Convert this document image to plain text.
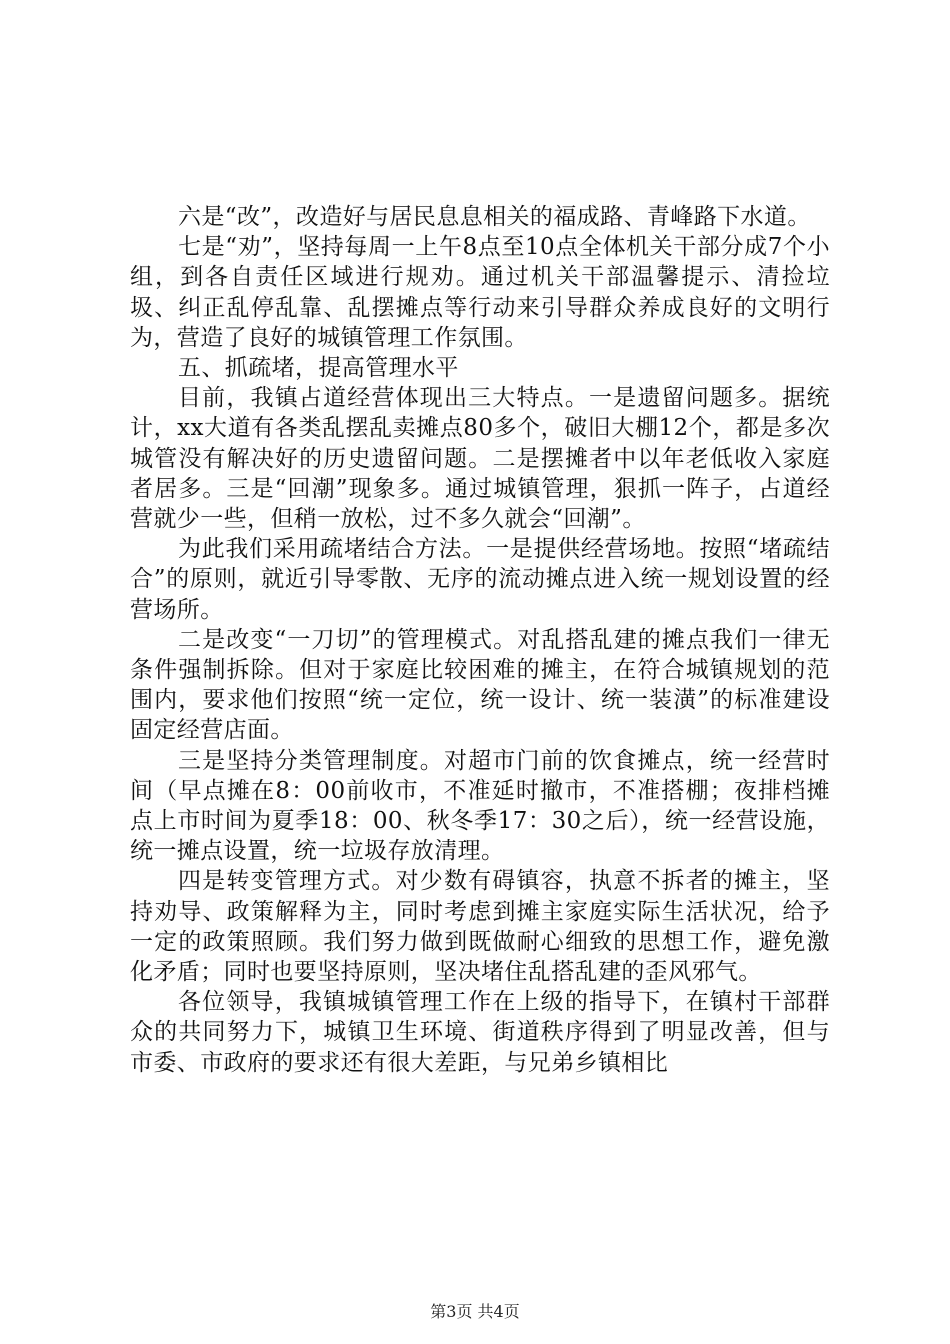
六是“改”，改造好与居民息息相关的福成路、青峰路下水道。

七是“劝”，坚持每周一上午8点至10点全体机关干部分成7个小组，到各自责任区域进行规劝。通过机关干部温馨提示、清捡垃圾、纠正乱停乱靠、乱摆摊点等行动来引导群众养成良好的文明行为，营造了良好的城镇管理工作氛围。

五、抓疏堵，提高管理水平

目前，我镇占道经营体现出三大特点。一是遗留问题多。据统计，xx大道有各类乱摆乱卖摊点80多个，破旧大棚12个，都是多次城管没有解决好的历史遗留问题。二是摆摊者中以年老低收入家庭者居多。三是“回潮”现象多。通过城镇管理，狠抓一阵子，占道经营就少一些，但稍一放松，过不多久就会“回潮”。

为此我们采用疏堵结合方法。一是提供经营场地。按照“堵疏结合”的原则，就近引导零散、无序的流动摊点进入统一规划设置的经营场所。

二是改变“一刀切”的管理模式。对乱搭乱建的摊点我们一律无条件强制拆除。但对于家庭比较困难的摊主，在符合城镇规划的范围内，要求他们按照“统一定位，统一设计、统一装潢”的标准建设固定经营店面。

三是坚持分类管理制度。对超市门前的饮食摊点，统一经营时间（早点摊在8：00前收市，不准延时撤市，不准搭棚；夜排档摊点上市时间为夏季18：00、秋冬季17：30之后），统一经营设施，统一摊点设置，统一垃圾存放清理。

四是转变管理方式。对少数有碍镇容，执意不拆者的摊主，坚持劝导、政策解释为主，同时考虑到摊主家庭实际生活状况，给予一定的政策照顾。我们努力做到既做耐心细致的思想工作，避免激化矛盾；同时也要坚持原则，坚决堵住乱搭乱建的歪风邪气。

各位领导，我镇城镇管理工作在上级的指导下，在镇村干部群众的共同努力下，城镇卫生环境、街道秩序得到了明显改善，但与市委、市政府的要求还有很大差距，与兄弟乡镇相比

第3页 共4页
